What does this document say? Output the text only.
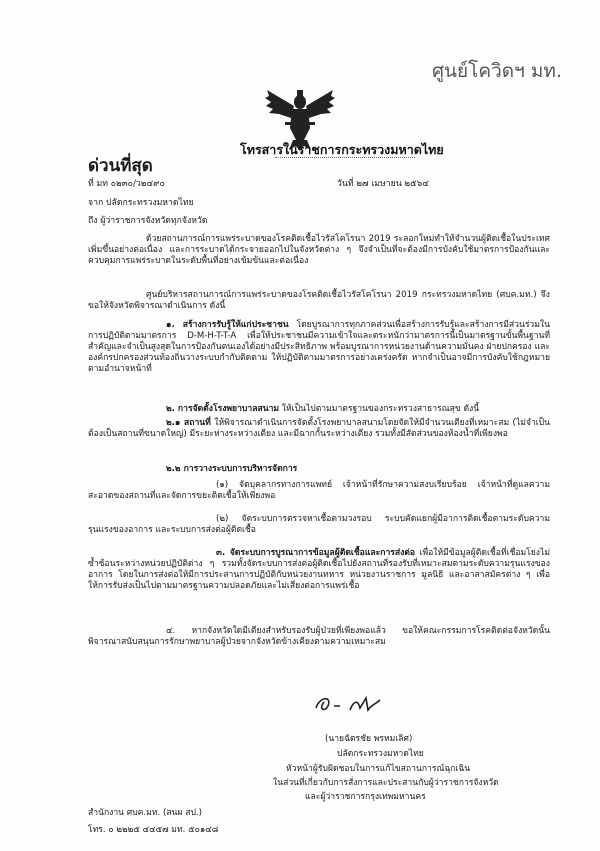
ศูนย์โควิดฯ มท.
โทรสารในราชการกระทรวงมหาดไทย
ด่วนที่สุด
ที่ มท ๐๒๓๐/ว๒๔๙๐	วันที่ ๒๗ เมษายน ๒๕๖๔
จาก ปลัดกระทรวงมหาดไทย
ถึง ผู้ว่าราชการจังหวัดทุกจังหวัด
ด้วยสถานการณ์การแพร่ระบาดของโรคติดเชื้อไวรัสโคโรนา 2019 ระลอกใหม่ทำให้จำนวนผู้ติดเชื้อในประเทศเพิ่มขึ้นอย่างต่อเนื่อง และการระบาดได้กระจายออกไปในจังหวัดต่าง ๆ จึงจำเป็นที่จะต้องมีการบังคับใช้มาตรการป้องกันและควบคุมการแพร่ระบาดในระดับพื้นที่อย่างเข้มข้นและต่อเนื่อง
ศูนย์บริหารสถานการณ์การแพร่ระบาดของโรคติดเชื้อไวรัสโคโรนา 2019 กระทรวงมหาดไทย (ศบค.มท.) จึงขอให้จังหวัดพิจารณาดำเนินการ ดังนี้
๑. สร้างการรับรู้ให้แก่ประชาชน โดยบูรณาการทุกภาคส่วนเพื่อสร้างการรับรู้และสร้างการมีส่วนร่วมในการปฏิบัติตามมาตรการ D-M-H-T-T-A เพื่อให้ประชาชนมีความเข้าใจและตระหนักว่ามาตรการนี้เป็นมาตรฐานขั้นพื้นฐานที่สำคัญและจำเป็นสูงสุดในการป้องกันตนเองได้อย่างมีประสิทธิภาพ พร้อมบูรณาการหน่วยงานด้านความมั่นคง ฝ่ายปกครอง และองค์กรปกครองส่วนท้องถิ่นวางระบบกำกับติดตาม ให้ปฏิบัติตามมาตรการอย่างเคร่งครัด หากจำเป็นอาจมีการบังคับใช้กฎหมายตามอำนาจหน้าที่
๒. การจัดตั้งโรงพยาบาลสนาม ให้เป็นไปตามมาตรฐานของกระทรวงสาธารณสุข ดังนี้
๒.๑ สถานที่ ให้พิจารณาดำเนินการจัดตั้งโรงพยาบาลสนามโดยจัดให้มีจำนวนเตียงที่เหมาะสม (ไม่จำเป็นต้องเป็นสถานที่ขนาดใหญ่) มีระยะห่างระหว่างเตียง และมีฉากกั้นระหว่างเตียง รวมทั้งมีสัดส่วนของห้องน้ำที่เพียงพอ
๒.๒ การวางระบบการบริหารจัดการ
(๑) จัดบุคลากรทางการแพทย์ เจ้าหน้าที่รักษาความสงบเรียบร้อย เจ้าหน้าที่ดูแลความสะอาดของสถานที่และจัดการขยะติดเชื้อให้เพียงพอ
(๒) จัดระบบการตรวจหาเชื้อตามวงรอบ ระบบคัดแยกผู้มีอาการติดเชื้อตามระดับความรุนแรงของอาการ และระบบการส่งต่อผู้ติดเชื้อ
๓. จัดระบบการบูรณาการข้อมูลผู้ติดเชื้อและการส่งต่อ เพื่อให้มีข้อมูลผู้ติดเชื้อที่เชื่อมโยงไม่ซ้ำซ้อนระหว่างหน่วยปฏิบัติต่าง ๆ รวมทั้งจัดระบบการส่งต่อผู้ติดเชื้อไปยังสถานที่รองรับที่เหมาะสมตามระดับความรุนแรงของอาการ โดยในการส่งต่อให้มีการประสานการปฏิบัติกับหน่วยงานทหาร หน่วยงานราชการ มูลนิธิ และอาสาสมัครต่าง ๆ เพื่อให้การรับส่งเป็นไปตามมาตรฐานความปลอดภัยและไม่เสี่ยงต่อการแพร่เชื้อ
๔. หากจังหวัดใดมีเตียงสำหรับรองรับผู้ป่วยที่เพียงพอแล้ว ขอให้คณะกรรมการโรคติดต่อจังหวัดนั้น พิจารณาสนับสนุนการรักษาพยาบาลผู้ป่วยจากจังหวัดข้างเคียงตามความเหมาะสม
(นายฉัตรชัย พรหมเลิศ)
ปลัดกระทรวงมหาดไทย
หัวหน้าผู้รับผิดชอบในการแก้ไขสถานการณ์ฉุกเฉิน
ในส่วนที่เกี่ยวกับการสั่งการและประสานกับผู้ว่าราชการจังหวัด
และผู้ว่าราชการกรุงเทพมหานคร
สำนักงาน ศบค.มท. (สนผ สป.)
โทร. ๐ ๒๒๒๕ ๔๔๕๗ มท. ๕๐๑๔๘
